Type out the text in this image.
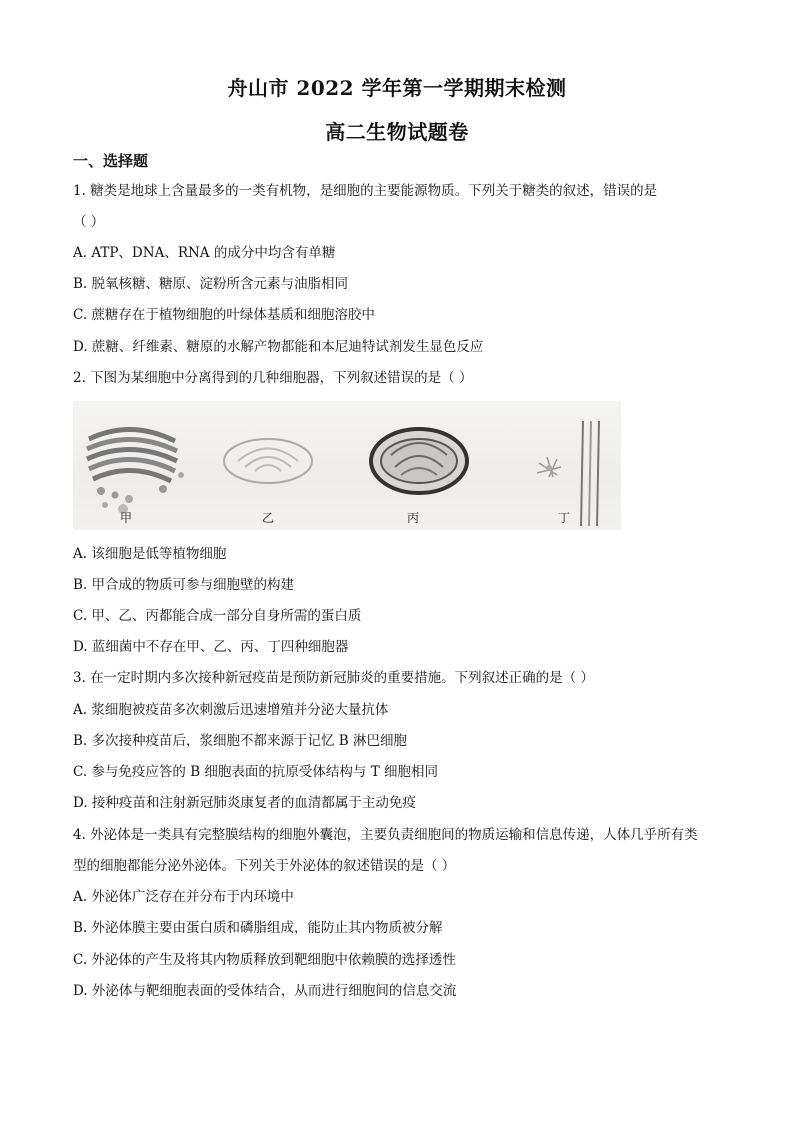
舟山市 2022 学年第一学期期末检测
高二生物试题卷
一、选择题
1. 糖类是地球上含量最多的一类有机物，是细胞的主要能源物质。下列关于糖类的叙述，错误的是
（ ）
A. ATP、DNA、RNA 的成分中均含有单糖
B. 脱氧核糖、糖原、淀粉所含元素与油脂相同
C. 蔗糖存在于植物细胞的叶绿体基质和细胞溶胶中
D. 蔗糖、纤维素、糖原的水解产物都能和本尼迪特试剂发生显色反应
2. 下图为某细胞中分离得到的几种细胞器，下列叙述错误的是（ ）
甲	乙	丙	丁
A. 该细胞是低等植物细胞
B. 甲合成的物质可参与细胞壁的构建
C. 甲、乙、丙都能合成一部分自身所需的蛋白质
D. 蓝细菌中不存在甲、乙、丙、丁四种细胞器
3. 在一定时期内多次接种新冠疫苗是预防新冠肺炎的重要措施。下列叙述正确的是（ ）
A. 浆细胞被疫苗多次刺激后迅速增殖并分泌大量抗体
B. 多次接种疫苗后，浆细胞不都来源于记忆 B 淋巴细胞
C. 参与免疫应答的 B 细胞表面的抗原受体结构与 T 细胞相同
D. 接种疫苗和注射新冠肺炎康复者的血清都属于主动免疫
4. 外泌体是一类具有完整膜结构的细胞外囊泡，主要负责细胞间的物质运输和信息传递，人体几乎所有类
型的细胞都能分泌外泌体。下列关于外泌体的叙述错误的是（ ）
A. 外泌体广泛存在并分布于内环境中
B. 外泌体膜主要由蛋白质和磷脂组成，能防止其内物质被分解
C. 外泌体的产生及将其内物质释放到靶细胞中依赖膜的选择透性
D. 外泌体与靶细胞表面的受体结合，从而进行细胞间的信息交流
